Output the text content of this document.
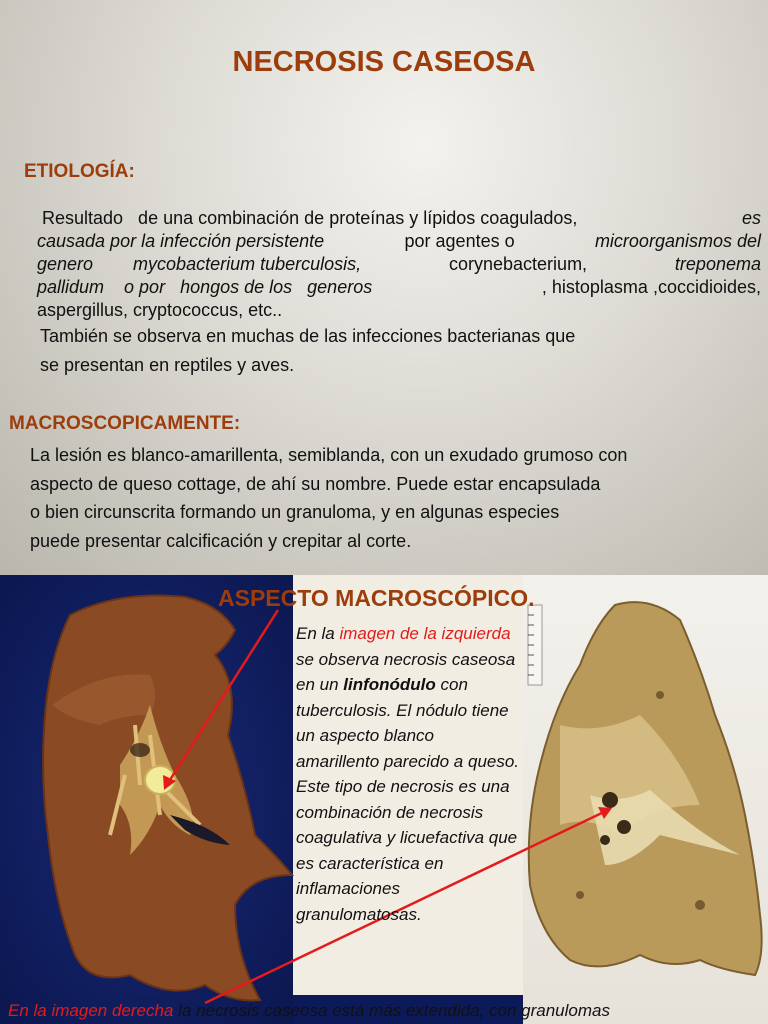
NECROSIS CASEOSA
ETIOLOGÍA:
Resultado   de una combinación de proteínas y lípidos coagulados,	es
causada por la infección persistente	por agentes o	microorganismos del
genero        mycobacterium tuberculosis,	corynebacterium,	treponema
pallidum    o por   hongos de los   generos	, histoplasma ,coccidioides,
aspergillus, cryptococcus, etc..
También se observa en muchas de las infecciones bacterianas que
se presentan en reptiles y aves.
MACROSCOPICAMENTE:
La lesión es blanco-amarillenta, semiblanda, con un exudado grumoso con
aspecto de queso cottage, de ahí su nombre. Puede estar encapsulada
o bien circunscrita formando un granuloma, y en algunas especies
puede presentar calcificación y crepitar al corte.
ASPECTO MACROSCÓPICO.
En la imagen de la izquierda se observa necrosis caseosa en un linfonódulo con tuberculosis. El nódulo tiene un aspecto blanco amarillento parecido a queso. Este tipo de necrosis es una combinación de necrosis coagulativa y licuefactiva que es característica en inflamaciones granulomatosas.
En la imagen derecha la necrosis caseosa está más extendida, con granulomas
